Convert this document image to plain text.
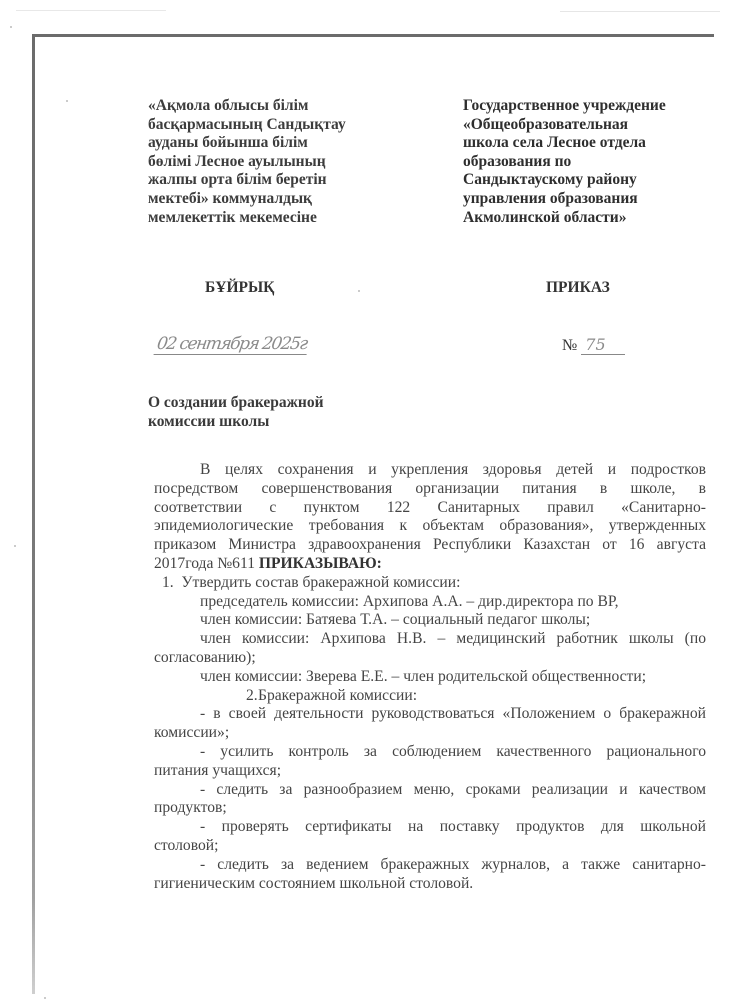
«Ақмола облысы білім
басқармасының Сандықтау
ауданы бойынша білім
бөлімі Лесное ауылының
жалпы орта білім беретін
мектебі» коммуналдық
мемлекеттік мекемесіне
Государственное учреждение
«Общеобразовательная
школа села Лесное отдела
образования по
Сандыктаускому району
управления образования
Акмолинской области»
БҰЙРЫҚ	ПРИКАЗ
02 сентября 2025г	№ 75
О создании бракеражной
комиссии школы

В целях сохранения и укрепления здоровья детей и подростков

посредством совершенствования организации питания в школе, в

соответствии с пунктом 122 Санитарных правил «Санитарно-

эпидемиологические требования к объектам образования», утвержденных

приказом Министра здравоохранения Республики Казахстан от 16 августа

2017года №611 ПРИКАЗЫВАЮ:

1. Утвердить состав бракеражной комиссии:

председатель комиссии: Архипова А.А. – дир.директора по ВР,

член комиссии: Батяева Т.А. – социальный педагог школы;

член комиссии: Архипова Н.В. – медицинский работник школы (по

согласованию);

член комиссии: Зверева Е.Е. – член родительской общественности;

2.Бракеражной комиссии:

- в своей деятельности руководствоваться «Положением о бракеражной

комиссии»;

- усилить контроль за соблюдением качественного рационального

питания учащихся;

- следить за разнообразием меню, сроками реализации и качеством

продуктов;

- проверять сертификаты на поставку продуктов для школьной

столовой;

- следить за ведением бракеражных журналов, а также санитарно-

гигиеническим состоянием школьной столовой.
